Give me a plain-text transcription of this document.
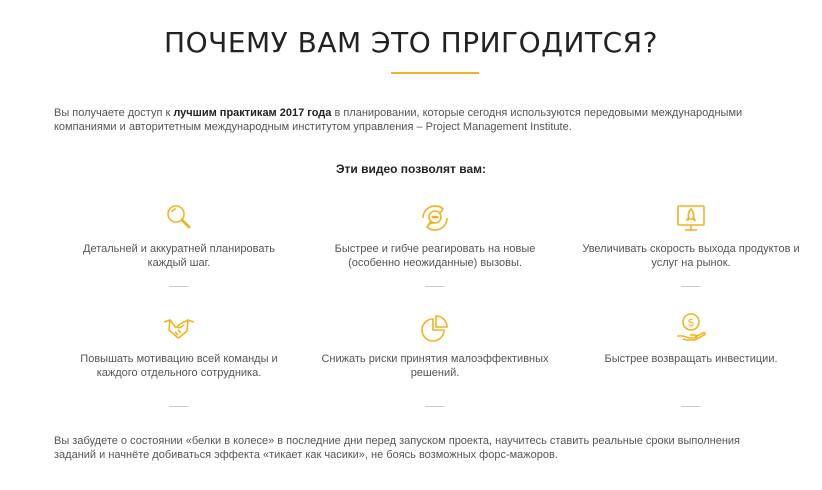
ПОЧЕМУ ВАМ ЭТО ПРИГОДИТСЯ?

Вы получаете доступ к лучшим практикам 2017 года в планировании, которые сегодня используются передовыми международными компаниями и авторитетным международным институтом управления – Project Management Institute.

Эти видео позволят вам:
Детальней и аккуратней планировать каждый шаг.
Быстрее и гибче реагировать на новые (особенно неожиданные) вызовы.
Увеличивать скорость выхода продуктов и услуг на рынок.
Повышать мотивацию всей команды и каждого отдельного сотрудника.
Снижать риски принятия малоэффективных решений.
$
Быстрее возвращать инвестиции.

Вы забудете о состоянии «белки в колесе» в последние дни перед запуском проекта, научитесь ставить реальные сроки выполнения заданий и начнёте добиваться эффекта «тикает как часики», не боясь возможных форс-мажоров.
